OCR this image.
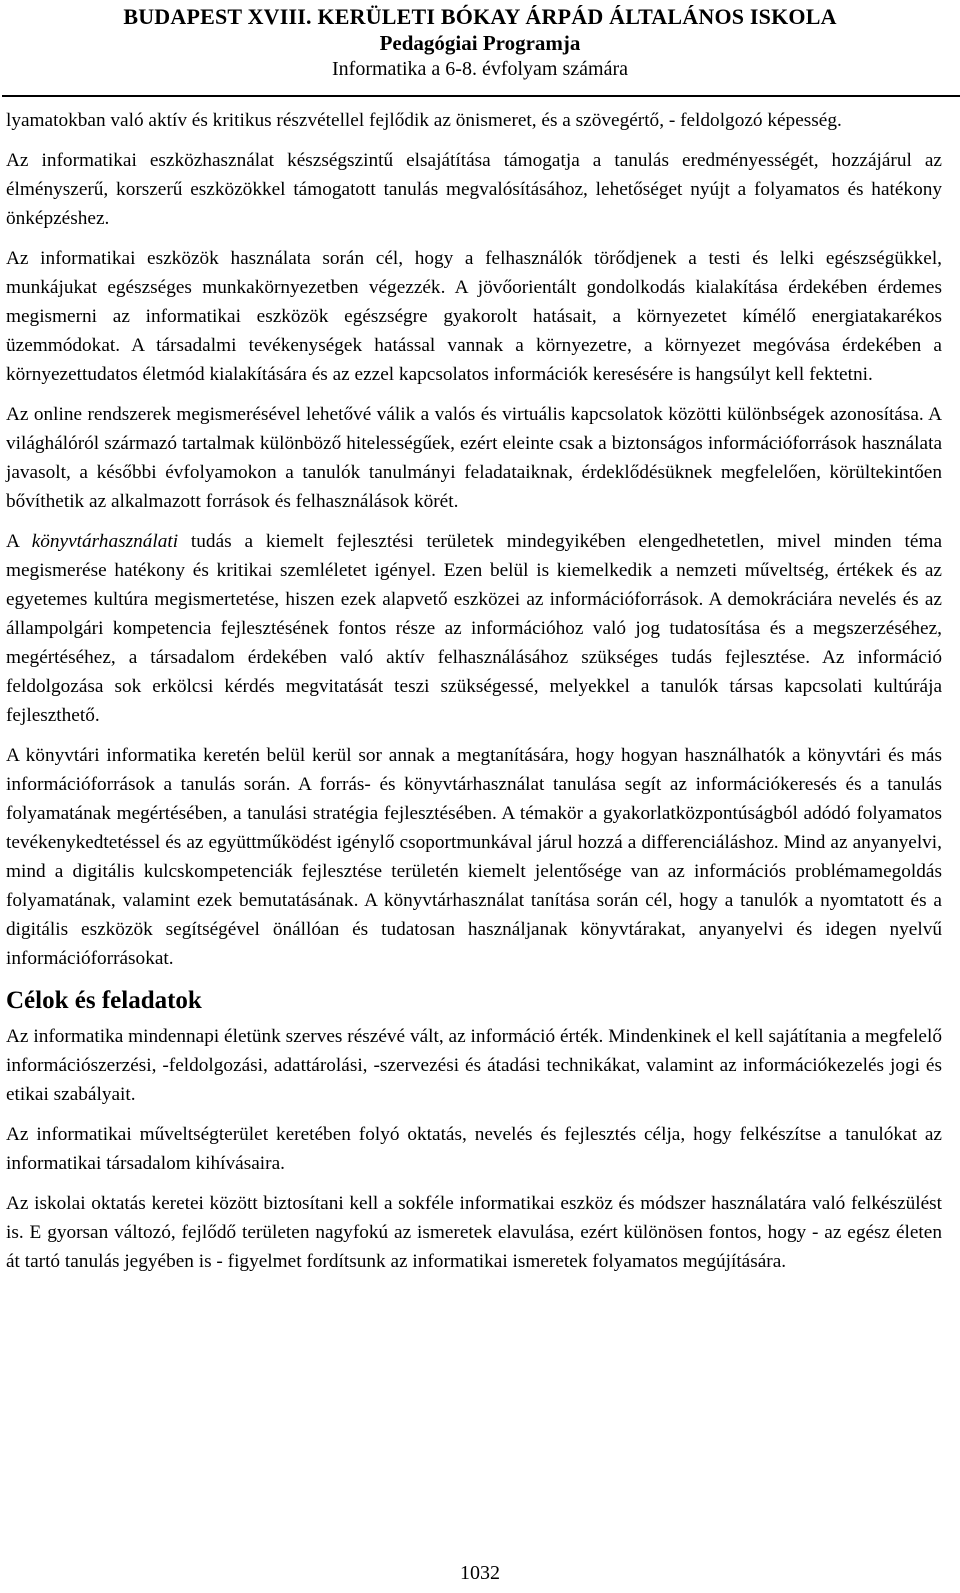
BUDAPEST XVIII. KERÜLETI BÓKAY ÁRPÁD ÁLTALÁNOS ISKOLA
Pedagógiai Programja
Informatika a 6-8. évfolyam számára

lyamatokban való aktív és kritikus részvétellel fejlődik az önismeret, és a szövegértő, - feldolgozó képesség.

Az informatikai eszközhasználat készségszintű elsajátítása támogatja a tanulás eredményességét, hozzájárul az élményszerű, korszerű eszközökkel támogatott tanulás megvalósításához, lehetőséget nyújt a folyamatos és hatékony önképzéshez.

Az informatikai eszközök használata során cél, hogy a felhasználók törődjenek a testi és lelki egészségükkel, munkájukat egészséges munkakörnyezetben végezzék. A jövőorientált gondolkodás kialakítása érdekében érdemes megismerni az informatikai eszközök egészségre gyakorolt hatásait, a környezetet kímélő energiatakarékos üzemmódokat. A társadalmi tevékenységek hatással vannak a környezetre, a környezet megóvása érdekében a környezettudatos életmód kialakítására és az ezzel kapcsolatos információk keresésére is hangsúlyt kell fektetni.

Az online rendszerek megismerésével lehetővé válik a valós és virtuális kapcsolatok közötti különbségek azonosítása. A világhálóról származó tartalmak különböző hitelességűek, ezért eleinte csak a biztonságos információforrások használata javasolt, a későbbi évfolyamokon a tanulók tanulmányi feladataiknak, érdeklődésüknek megfelelően, körültekintően bővíthetik az alkalmazott források és felhasználások körét.

A könyvtárhasználati tudás a kiemelt fejlesztési területek mindegyikében elengedhetetlen, mivel minden téma megismerése hatékony és kritikai szemléletet igényel. Ezen belül is kiemelkedik a nemzeti műveltség, értékek és az egyetemes kultúra megismertetése, hiszen ezek alapvető eszközei az információforrások. A demokráciára nevelés és az állampolgári kompetencia fejlesztésének fontos része az információhoz való jog tudatosítása és a megszerzéséhez, megértéséhez, a társadalom érdekében való aktív felhasználásához szükséges tudás fejlesztése. Az információ feldolgozása sok erkölcsi kérdés megvitatását teszi szükségessé, melyekkel a tanulók társas kapcsolati kultúrája fejleszthető.

A könyvtári informatika keretén belül kerül sor annak a megtanítására, hogy hogyan használhatók a könyvtári és más információforrások a tanulás során. A forrás- és könyvtárhasználat tanulása segít az információkeresés és a tanulás folyamatának megértésében, a tanulási stratégia fejlesztésében. A témakör a gyakorlatközpontúságból adódó folyamatos tevékenykedtetéssel és az együttműködést igénylő csoportmunkával járul hozzá a differenciáláshoz. Mind az anyanyelvi, mind a digitális kulcskompetenciák fejlesztése területén kiemelt jelentősége van az információs problémamegoldás folyamatának, valamint ezek bemutatásának. A könyvtárhasználat tanítása során cél, hogy a tanulók a nyomtatott és a digitális eszközök segítségével önállóan és tudatosan használjanak könyvtárakat, anyanyelvi és idegen nyelvű információforrásokat.

Célok és feladatok

Az informatika mindennapi életünk szerves részévé vált, az információ érték. Mindenkinek el kell sajátítania a megfelelő információszerzési, -feldolgozási, adattárolási, -szervezési és átadási technikákat, valamint az információkezelés jogi és etikai szabályait.

Az informatikai műveltségterület keretében folyó oktatás, nevelés és fejlesztés célja, hogy felkészítse a tanulókat az informatikai társadalom kihívásaira.

Az iskolai oktatás keretei között biztosítani kell a sokféle informatikai eszköz és módszer használatára való felkészülést is. E gyorsan változó, fejlődő területen nagyfokú az ismeretek elavulása, ezért különösen fontos, hogy - az egész életen át tartó tanulás jegyében is - figyelmet fordítsunk az informatikai ismeretek folyamatos megújítására.

1032
